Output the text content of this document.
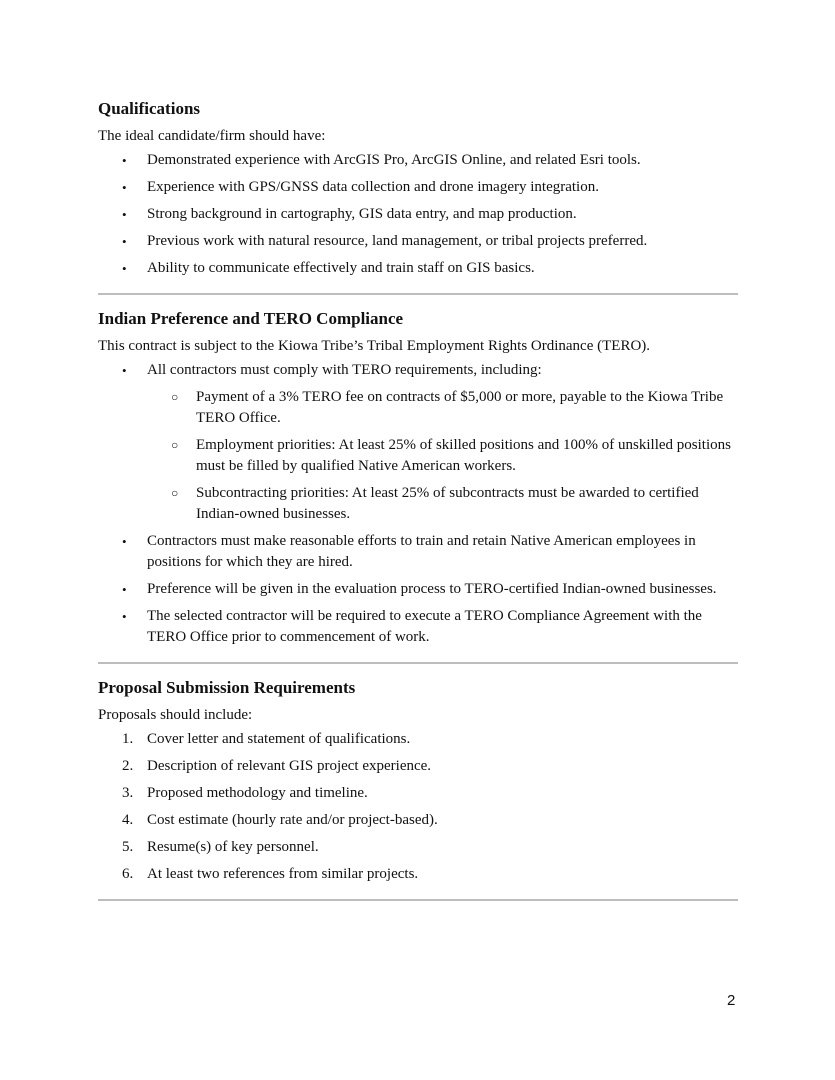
Qualifications

The ideal candidate/firm should have:

• Demonstrated experience with ArcGIS Pro, ArcGIS Online, and related Esri tools.
• Experience with GPS/GNSS data collection and drone imagery integration.
• Strong background in cartography, GIS data entry, and map production.
• Previous work with natural resource, land management, or tribal projects preferred.
• Ability to communicate effectively and train staff on GIS basics.
Indian Preference and TERO Compliance

This contract is subject to the Kiowa Tribe’s Tribal Employment Rights Ordinance (TERO).

• All contractors must comply with TERO requirements, including:
○ Payment of a 3% TERO fee on contracts of $5,000 or more, payable to the Kiowa Tribe TERO Office.
○ Employment priorities: At least 25% of skilled positions and 100% of unskilled positions must be filled by qualified Native American workers.
○ Subcontracting priorities: At least 25% of subcontracts must be awarded to certified Indian-owned businesses.
• Contractors must make reasonable efforts to train and retain Native American employees in positions for which they are hired.
• Preference will be given in the evaluation process to TERO-certified Indian-owned businesses.
• The selected contractor will be required to execute a TERO Compliance Agreement with the TERO Office prior to commencement of work.
Proposal Submission Requirements

Proposals should include:

1. Cover letter and statement of qualifications.
2. Description of relevant GIS project experience.
3. Proposed methodology and timeline.
4. Cost estimate (hourly rate and/or project-based).
5. Resume(s) of key personnel.
6. At least two references from similar projects.
2
